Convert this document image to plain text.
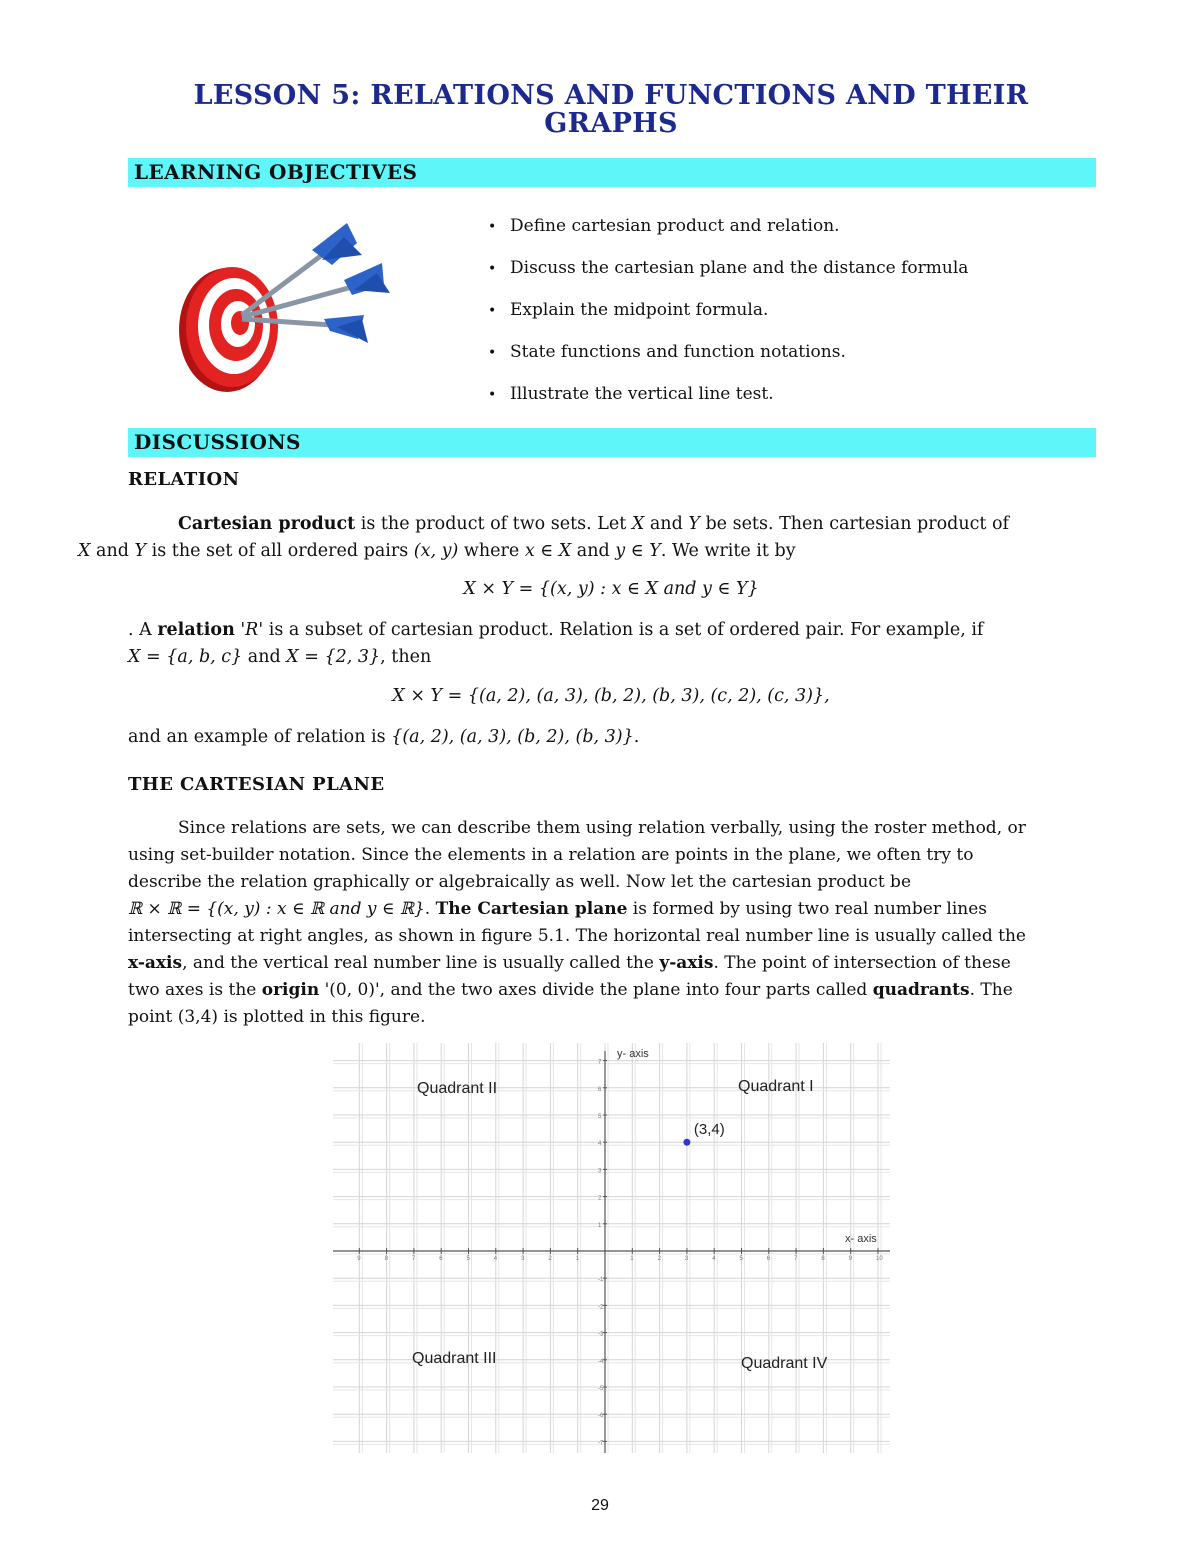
LESSON 5: RELATIONS AND FUNCTIONS AND THEIR
GRAPHS
LEARNING OBJECTIVES
• Define cartesian product and relation.
• Discuss the cartesian plane and the distance formula
• Explain the midpoint formula.
• State functions and function notations.
• Illustrate the vertical line test.
DISCUSSIONS
RELATION
Cartesian product is the product of two sets. Let X and Y be sets. Then cartesian product of
X and Y is the set of all ordered pairs (x, y) where x ∈ X and y ∈ Y. We write it by
X × Y = {(x, y) : x ∈ X and y ∈ Y}
. A relation 'R' is a subset of cartesian product. Relation is a set of ordered pair. For example, if
X = {a, b, c} and X = {2, 3}, then
X × Y = {(a, 2), (a, 3), (b, 2), (b, 3), (c, 2), (c, 3)},
and an example of relation is {(a, 2), (a, 3), (b, 2), (b, 3)}.
THE CARTESIAN PLANE
Since relations are sets, we can describe them using relation verbally, using the roster method, or
using set-builder notation. Since the elements in a relation are points in the plane, we often try to
describe the relation graphically or algebraically as well. Now let the cartesian product be
ℝ × ℝ = {(x, y) : x ∈ ℝ and y ∈ ℝ}. The Cartesian plane is formed by using two real number lines
intersecting at right angles, as shown in figure 5.1. The horizontal real number line is usually called the
x-axis, and the vertical real number line is usually called the y-axis. The point of intersection of these
two axes is the origin '(0, 0)', and the two axes divide the plane into four parts called quadrants. The
point (3,4) is plotted in this figure.
9	8	7	6	5	4	3	2	1	1	2	3	4	5	6	7	8	9	10
-7
-6
-5
-4
-3
-2
-1
1
2
3
4
5
6
7
y- axis
x- axis
Quadrant I
Quadrant II
Quadrant III	Quadrant IV
(3,4)
29
